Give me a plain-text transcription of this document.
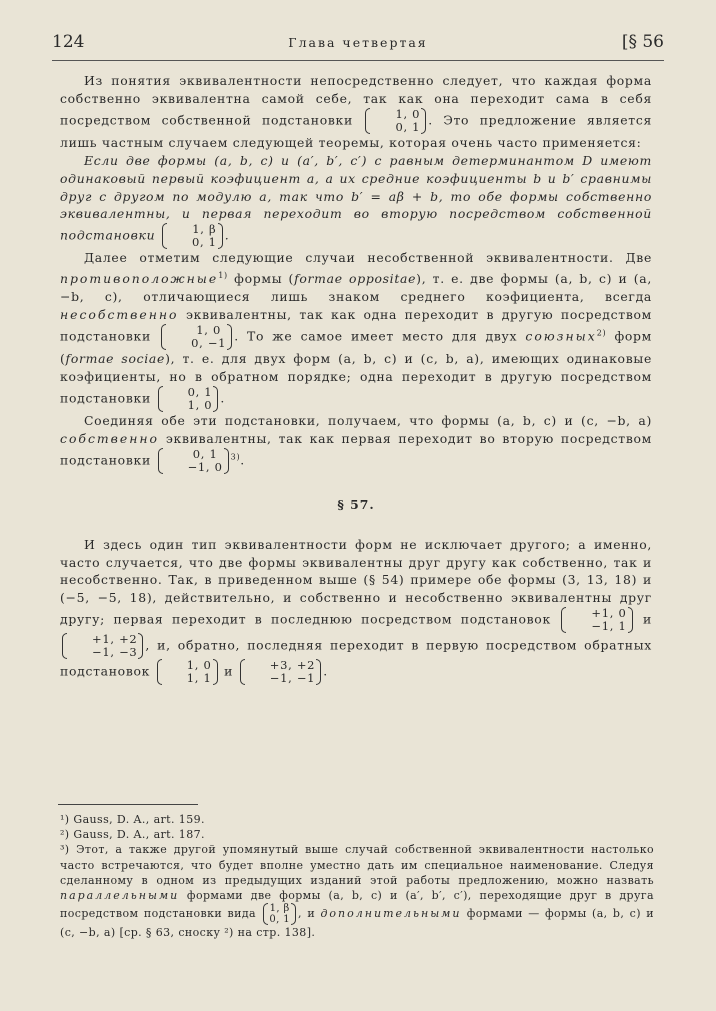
124	Глава четвертая	[§ 56

Из понятия эквивалентности непосредственно следует, что каждая форма собственно эквивалентна самой себе, так как она переходит сама в себя посредством собственной подстановки	1, 0
0, 1 . Это предложение является лишь частным случаем следующей теоремы, которая очень часто применяется:

Если две формы (a, b, c) и (a′, b′, c′) с равным детерминантом D имеют одинаковый первый коэфициент a, а их средние коэфициенты b и b′ сравнимы друг с другом по модулю a, так что b′ = aβ + b, то обе формы собственно эквивалентны, и первая переходит во вторую посредством собственной подстановки	1, β
0, 1 .

Далее отметим следующие случаи несобственной эквивалентности. Две противоположные$^{1)}$ формы (formae oppositae), т. е. две формы (a, b, c) и (a, −b, c), отличающиеся лишь знаком среднего коэфициента, всегда несобственно эквивалентны, так как одна переходит в другую посредством подстановки	1, 0
0, −1 . То же самое имеет место для двух союзных$^{2)}$ форм (formae sociae), т. е. для двух форм (a, b, c) и (c, b, a), имеющих одинаковые коэфициенты, но в обратном порядке; одна переходит в другую посредством подстановки	0, 1
1, 0 .

Соединяя обе эти подстановки, получаем, что формы (a, b, c) и (c, −b, a) собственно эквивалентны, так как первая переходит во вторую посредством подстановки	0, 1
−1, 0
$^{3)}$.

§ 57.

И здесь один тип эквивалентности форм не исключает другого; а именно, часто случается, что две формы эквивалентны друг другу как собственно, так и несобственно. Так, в приведенном выше (§ 54) примере обе формы (3, 13, 18) и (−5, −5, 18), действительно, и собственно и несобственно эквивалентны друг другу; первая переходит в последнюю посредством подстановок	+1, 0
−1, 1 и
+1, +2
−1, −3 , и, обратно, последняя переходит в первую посредством обратных подстановок	1, 0
1, 1 и	+3, +2
−1, −1 .

¹) Gauss, D. A., art. 159.

²) Gauss, D. A., art. 187.

³) Этот, а также другой упомянутый выше случай собственной эквивалентности настолько часто встречаются, что будет вполне уместно дать им специальное наименование. Следуя сделанному в одном из предыдущих изданий этой работы предложению, можно назвать параллельными формами две формы (a, b, c) и (a′, b′, c′), переходящие друг в друга посредством подстановки вида 1, β
0, 1 , и дополнительными формами — формы (a, b, c) и (c, −b, a) [ср. § 63, сноску ²) на стр. 138].
